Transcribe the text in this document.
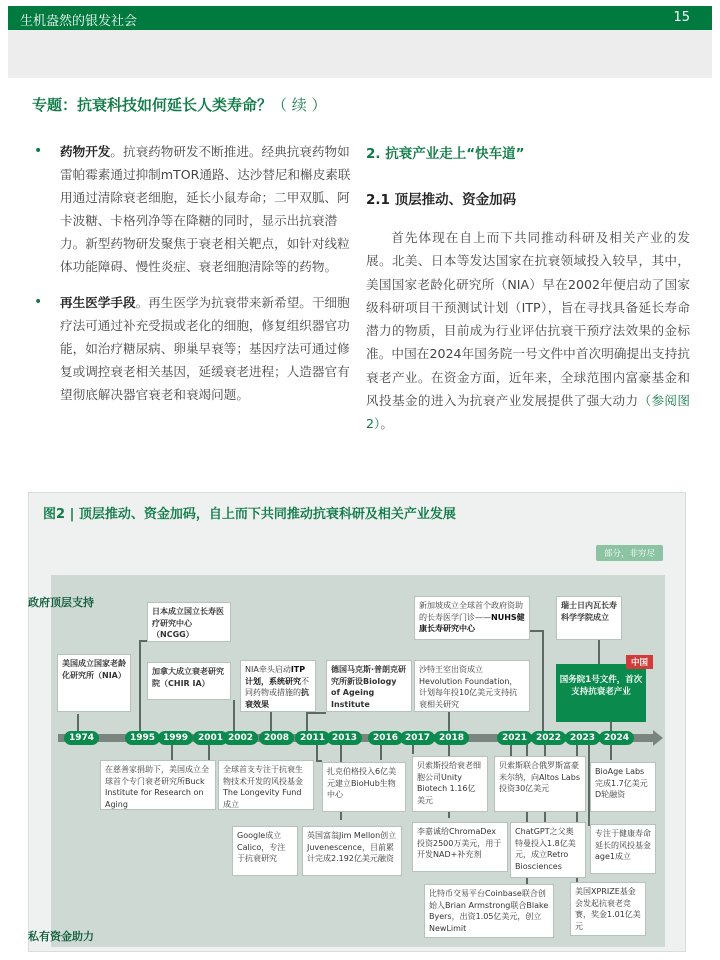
生机盎然的银发社会	15
专题：抗衰科技如何延长人类寿命？（ 续 ）
• 药物开发。抗衰药物研发不断推进。经典抗衰药物如雷帕霉素通过抑制mTOR通路、达沙替尼和槲皮素联用通过清除衰老细胞，延长小鼠寿命；二甲双胍、阿卡波糖、卡格列净等在降糖的同时，显示出抗衰潜力。新型药物研发聚焦于衰老相关靶点，如针对线粒体功能障碍、慢性炎症、衰老细胞清除等的药物。
• 再生医学手段。再生医学为抗衰带来新希望。干细胞疗法可通过补充受损或老化的细胞，修复组织器官功能，如治疗糖尿病、卵巢早衰等；基因疗法可通过修复或调控衰老相关基因，延缓衰老进程；人造器官有望彻底解决器官衰老和衰竭问题。
2. 抗衰产业走上“快车道”
2.1 顶层推动、资金加码

首先体现在自上而下共同推动科研及相关产业的发展。北美、日本等发达国家在抗衰领域投入较早，其中，美国国家老龄化研究所（NIA）早在2002年便启动了国家级科研项目干预测试计划（ITP），旨在寻找具备延长寿命潜力的物质，目前成为行业评估抗衰干预疗法效果的金标准。中国在2024年国务院一号文件中首次明确提出支持抗衰老产业。在资金方面，近年来，全球范围内富豪基金和风投基金的进入为抗衰产业发展提供了强大动力（参阅图2）。

图2 | 顶层推动、资金加码，自上而下共同推动抗衰科研及相关产业发展
部分，非穷尽
政府顶层支持
私有资金助力
1974	1995 1999	2001 2002	2008	2011 2013	2016 2017 2018	2021 2022 2023 2024
美国成立国家老龄化研究所（NIA）
日本成立国立长寿医疗研究中心（NCGG）
加拿大成立衰老研究院（CHIR IA）
NIA牵头启动ITP计划，系统研究不同药物或措施的抗衰效果
德国马克斯·普朗克研究所新设Biology of Ageing Institute
新加坡成立全球首个政府资助的长寿医学门诊——NUHS健康长寿研究中心
沙特王室出资成立Hevolution Foundation，计划每年投10亿美元支持抗衰相关研究
瑞士日内瓦长寿科学学院成立
国务院1号文件，首次支持抗衰老产业
中国
在慈善家捐助下，美国成立全球首个专门衰老研究所Buck Institute for Research on Aging
全球首支专注于抗衰生物技术开发的风投基金The Longevity Fund成立
Google成立Calico，专注于抗衰研究
英国富翁Jim Mellon创立Juvenescence，目前累计完成2.192亿美元融资
扎克伯格投入6亿美元建立BioHub生物中心
贝索斯投给衰老细胞公司Unity Biotech 1.16亿美元
李嘉诚给ChromaDex投资2500万美元，用于开发NAD+补充剂
贝索斯联合俄罗斯富豪米尔纳，向Altos Labs投资30亿美元
比特币交易平台Coinbase联合创始人Brian Armstrong联合Blake Byers，出资1.05亿美元，创立NewLimit
ChatGPT之父奥特曼投入1.8亿美元，成立Retro Biosciences
美国XPRIZE基金会发起抗衰老竞赛，奖金1.01亿美元
BioAge Labs完成1.7亿美元D轮融资
专注于健康寿命延长的风投基金age1成立
